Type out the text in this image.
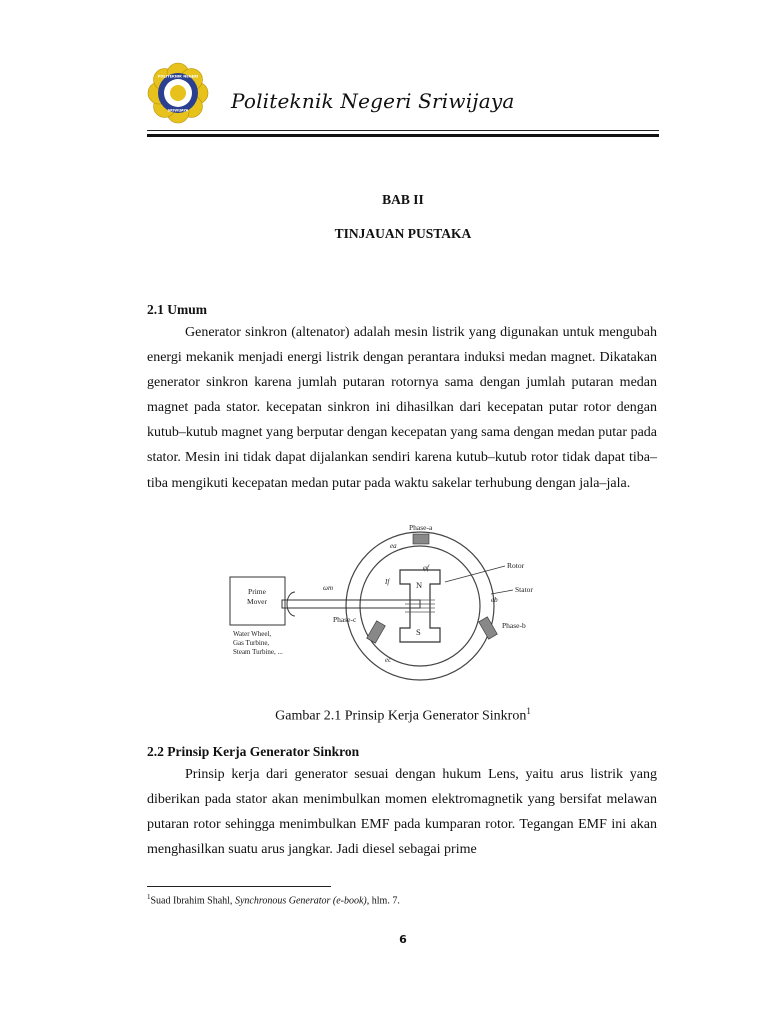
POLITEKNIK NEGERI
SRIWIJAYA Politeknik Negeri Sriwijaya
BAB II
TINJAUAN PUSTAKA
2.1 Umum
Generator sinkron (altenator) adalah mesin listrik yang digunakan untuk mengubah energi mekanik menjadi energi listrik dengan perantara induksi medan magnet. Dikatakan generator sinkron karena jumlah putaran rotornya sama dengan jumlah putaran medan magnet pada stator. kecepatan sinkron ini dihasilkan dari kecepatan putar rotor dengan kutub–kutub magnet yang berputar dengan kecepatan yang sama dengan medan putar pada stator. Mesin ini tidak dapat dijalankan sendiri karena kutub–kutub rotor tidak dapat tiba–tiba mengikuti kecepatan medan putar pada waktu sakelar terhubung dengan jala–jala.
Prime
Mover
Water Wheel,
Gas Turbine,
Steam Turbine, ...
ωm
Phase-a
Phase-b
Phase-c
Rotor
Stator
N
S
If
φf
ea
eb
ec
Gambar 2.1 Prinsip Kerja Generator Sinkron$^1$
2.2 Prinsip Kerja Generator Sinkron
Prinsip kerja dari generator sesuai dengan hukum Lens, yaitu arus listrik yang diberikan pada stator akan menimbulkan momen elektromagnetik yang bersifat melawan putaran rotor sehingga menimbulkan EMF pada kumparan rotor. Tegangan EMF ini akan menghasilkan suatu arus jangkar. Jadi diesel sebagai prime
$^1$Suad Ibrahim Shahl, Synchronous Generator (e-book), hlm. 7.
6
